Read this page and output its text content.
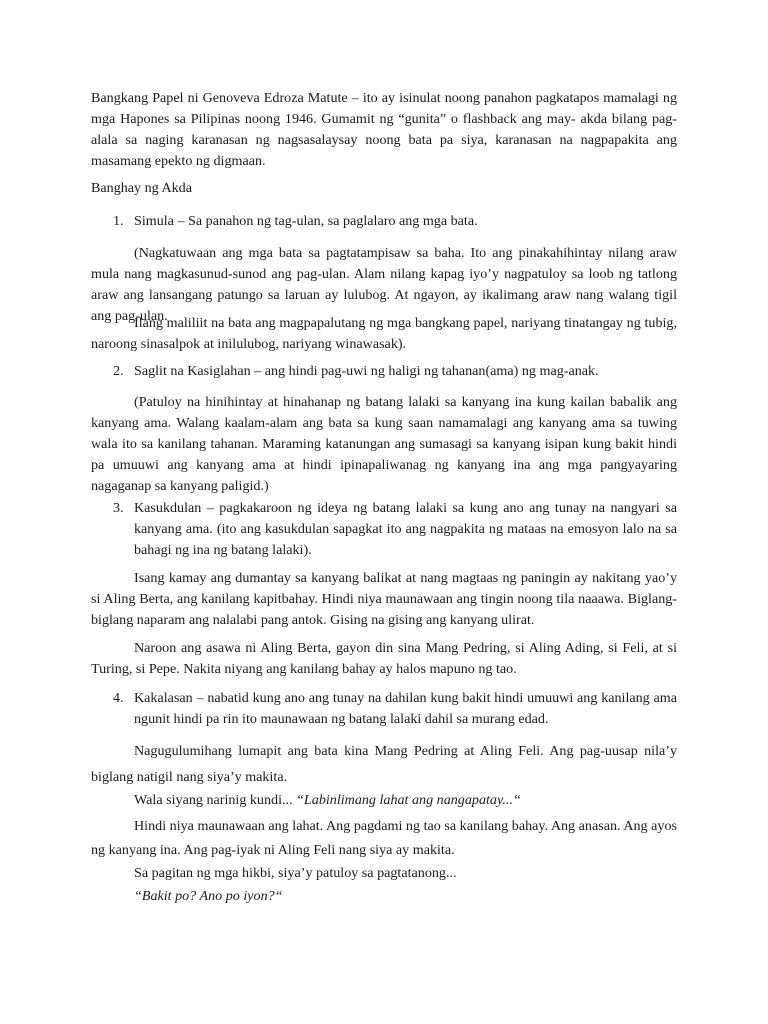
Bangkang Papel ni Genoveva Edroza Matute – ito ay isinulat noong panahon pagkatapos mamalagi ng mga Hapones sa Pilipinas noong 1946. Gumamit ng “gunita” o flashback ang may- akda bilang pag-alala sa naging karanasan ng nagsasalaysay noong bata pa siya, karanasan na nagpapakita ang masamang epekto ng digmaan.

Banghay ng Akda

1. Simula – Sa panahon ng tag-ulan, sa paglalaro ang mga bata.

(Nagkatuwaan ang mga bata sa pagtatampisaw sa baha. Ito ang pinakahihintay nilang araw mula nang magkasunud-sunod ang pag-ulan. Alam nilang kapag iyo’y nagpatuloy sa loob ng tatlong araw ang lansangang patungo sa laruan ay lulubog. At ngayon, ay ikalimang araw nang walang tigil ang pag-ulan.

Ilang maliliit na bata ang magpapalutang ng mga bangkang papel, nariyang tinatangay ng tubig, naroong sinasalpok at inilulubog, nariyang winawasak).

2. Saglit na Kasiglahan – ang hindi pag-uwi ng haligi ng tahanan(ama) ng mag-anak.

(Patuloy na hinihintay at hinahanap ng batang lalaki sa kanyang ina kung kailan babalik ang kanyang ama. Walang kaalam-alam ang bata sa kung saan namamalagi ang kanyang ama sa tuwing wala ito sa kanilang tahanan. Maraming katanungan ang sumasagi sa kanyang isipan kung bakit hindi pa umuuwi ang kanyang ama at hindi ipinapaliwanag ng kanyang ina ang mga pangyayaring nagaganap sa kanyang paligid.)

3. Kasukdulan – pagkakaroon ng ideya ng batang lalaki sa kung ano ang tunay na nangyari sa kanyang ama. (ito ang kasukdulan sapagkat ito ang nagpakita ng mataas na emosyon lalo na sa bahagi ng ina ng batang lalaki).

Isang kamay ang dumantay sa kanyang balikat at nang magtaas ng paningin ay nakitang yao’y si Aling Berta, ang kanilang kapitbahay. Hindi niya maunawaan ang tingin noong tila naaawa. Biglang-biglang naparam ang nalalabi pang antok. Gising na gising ang kanyang ulirat.

Naroon ang asawa ni Aling Berta, gayon din sina Mang Pedring, si Aling Ading, si Feli, at si Turing, si Pepe. Nakita niyang ang kanilang bahay ay halos mapuno ng tao.

4. Kakalasan – nabatid kung ano ang tunay na dahilan kung bakit hindi umuuwi ang kanilang ama ngunit hindi pa rin ito maunawaan ng batang lalaki dahil sa murang edad.

Nagugulumihang lumapit ang bata kina Mang Pedring at Aling Feli. Ang pag-uusap nila’y biglang natigil nang siya’y makita.

Wala siyang narinig kundi... “Labinlimang lahat ang nangapatay...“

Hindi niya maunawaan ang lahat. Ang pagdami ng tao sa kanilang bahay. Ang anasan. Ang ayos ng kanyang ina. Ang pag-iyak ni Aling Feli nang siya ay makita.

Sa pagitan ng mga hikbi, siya’y patuloy sa pagtatanong...

“Bakit po? Ano po iyon?“
